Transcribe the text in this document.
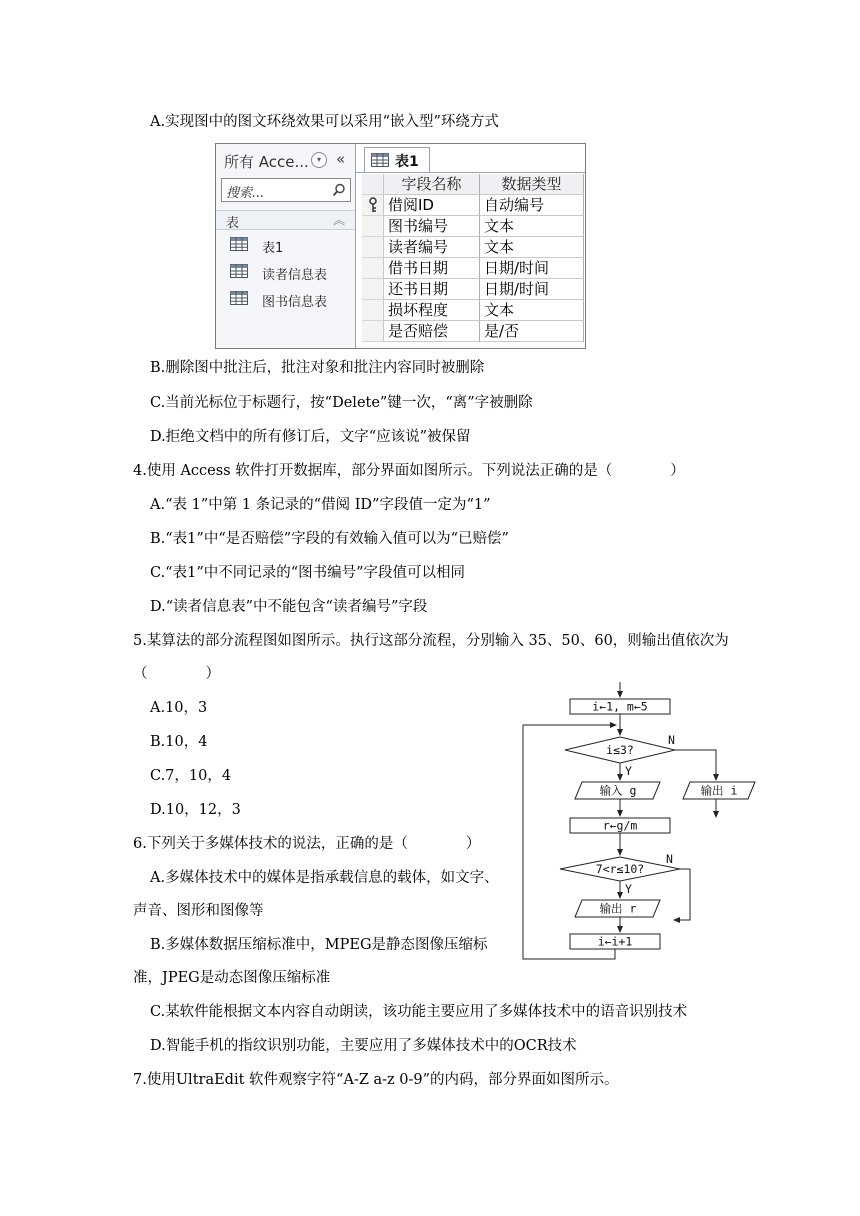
A.实现图中的图文环绕效果可以采用“嵌入型”环绕方式
所有 Acce...	▾	«
搜索...
表	︽
表1
读者信息表
图书信息表
表1
字段名称	数据类型
借阅ID	自动编号
图书编号	文本
读者编号	文本
借书日期	日期/时间
还书日期	日期/时间
损坏程度	文本
是否赔偿	是/否
B.删除图中批注后，批注对象和批注内容同时被删除
C.当前光标位于标题行，按“Delete”键一次，“离”字被删除
D.拒绝文档中的所有修订后，文字“应该说”被保留
4.使用 Access 软件打开数据库，部分界面如图所示。下列说法正确的是（　　　　）
A.“表 1”中第 1 条记录的“借阅 ID”字段值一定为“1”
B.“表1”中“是否赔偿”字段的有效输入值可以为“已赔偿”
C.“表1”中不同记录的“图书编号”字段值可以相同
D.“读者信息表”中不能包含“读者编号”字段
5.某算法的部分流程图如图所示。执行这部分流程，分别输入 35、50、60，则输出值依次为
（　　　　）
A.10，3
B.10，4
C.7，10，4
D.10，12，3
6.下列关于多媒体技术的说法，正确的是（　　　　）
A.多媒体技术中的媒体是指承载信息的载体，如文字、
声音、图形和图像等
B.多媒体数据压缩标准中，MPEG是静态图像压缩标
准，JPEG是动态图像压缩标准
C.某软件能根据文本内容自动朗读，该功能主要应用了多媒体技术中的语音识别技术
D.智能手机的指纹识别功能，主要应用了多媒体技术中的OCR技术
7.使用UltraEdit 软件观察字符“A-Z a-z 0-9”的内码，部分界面如图所示。
i←1, m←5
i≤3?
N
Y
输入 g	输出 i
r←g/m
7<r≤10?
N
Y
输出 r
i←i+1
